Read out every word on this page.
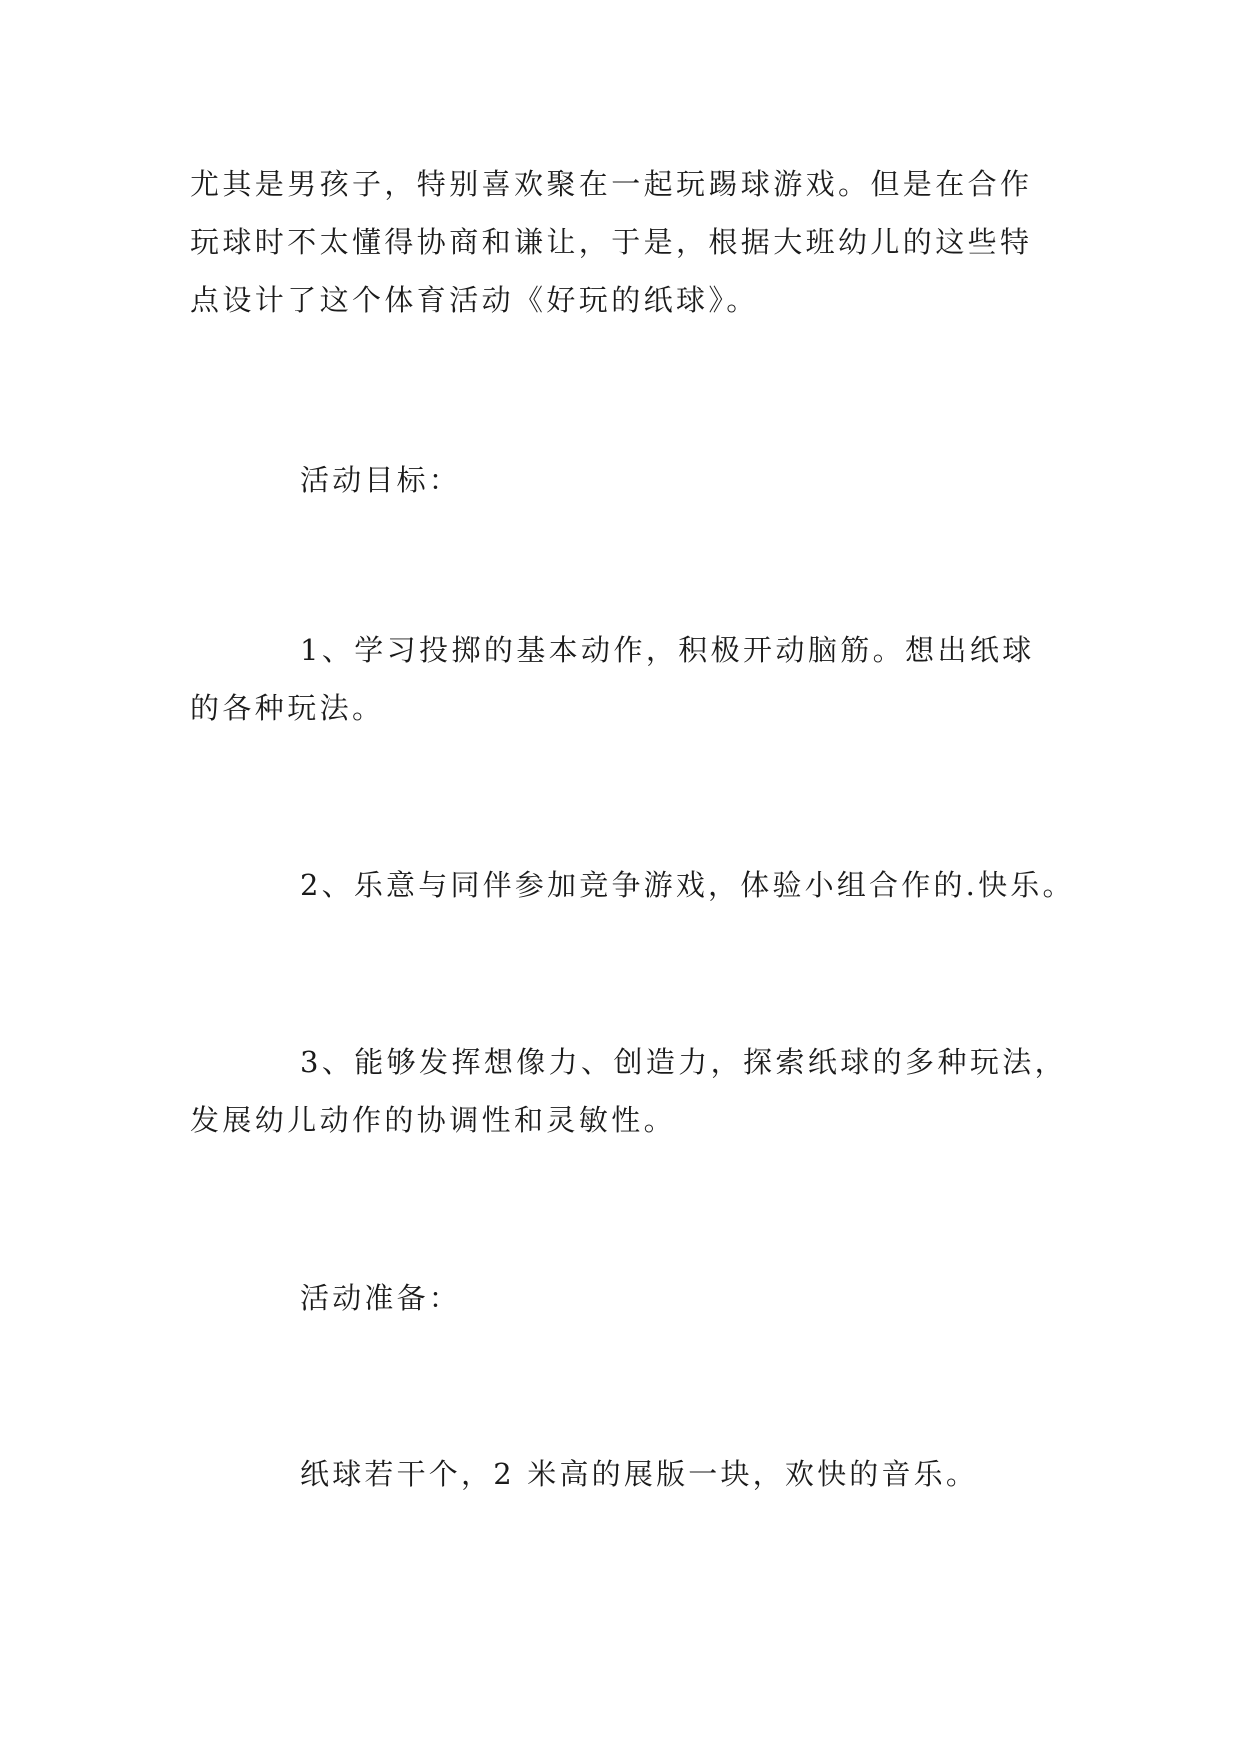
尤其是男孩子，特别喜欢聚在一起玩踢球游戏。但是在合作
玩球时不太懂得协商和谦让，于是，根据大班幼儿的这些特
点设计了这个体育活动《好玩的纸球》。
活动目标：
1、学习投掷的基本动作，积极开动脑筋。想出纸球
的各种玩法。
2、乐意与同伴参加竞争游戏，体验小组合作的.快乐。
3、能够发挥想像力、创造力，探索纸球的多种玩法，
发展幼儿动作的协调性和灵敏性。
活动准备：
纸球若干个，2 米高的展版一块，欢快的音乐。
